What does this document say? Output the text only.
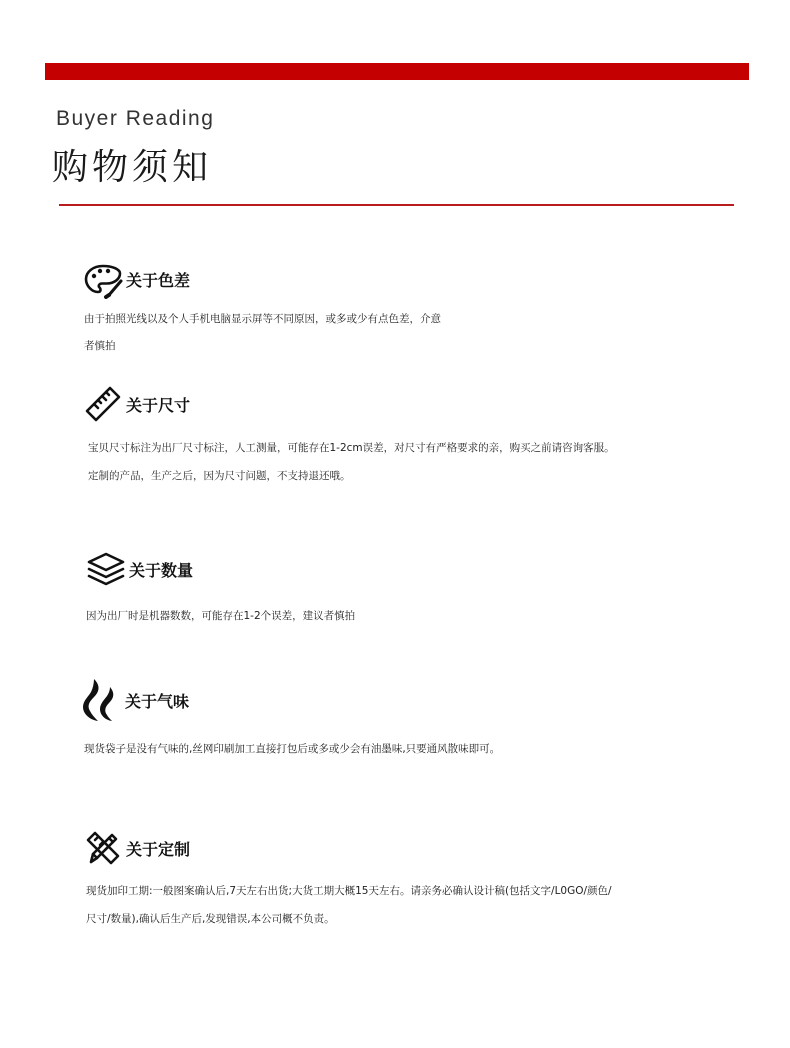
Buyer Reading
购物须知
关于色差
由于拍照光线以及个人手机电脑显示屏等不同原因，或多或少有点色差，介意
者慎拍
关于尺寸
宝贝尺寸标注为出厂尺寸标注，人工测量，可能存在1-2cm误差，对尺寸有严格要求的亲，购买之前请咨询客服。
定制的产品，生产之后，因为尺寸问题，不支持退还哦。
关于数量
因为出厂时是机器数数，可能存在1-2个误差，建议者慎拍
关于气味
现货袋子是没有气味的,丝网印刷加工直接打包后或多或少会有油墨味,只要通风散味即可。
关于定制
现货加印工期:一般图案确认后,7天左右出货;大货工期大概15天左右。请亲务必确认设计稿(包括文字/L0GO/颜色/
尺寸/数量),确认后生产后,发现错误,本公司概不负责。
